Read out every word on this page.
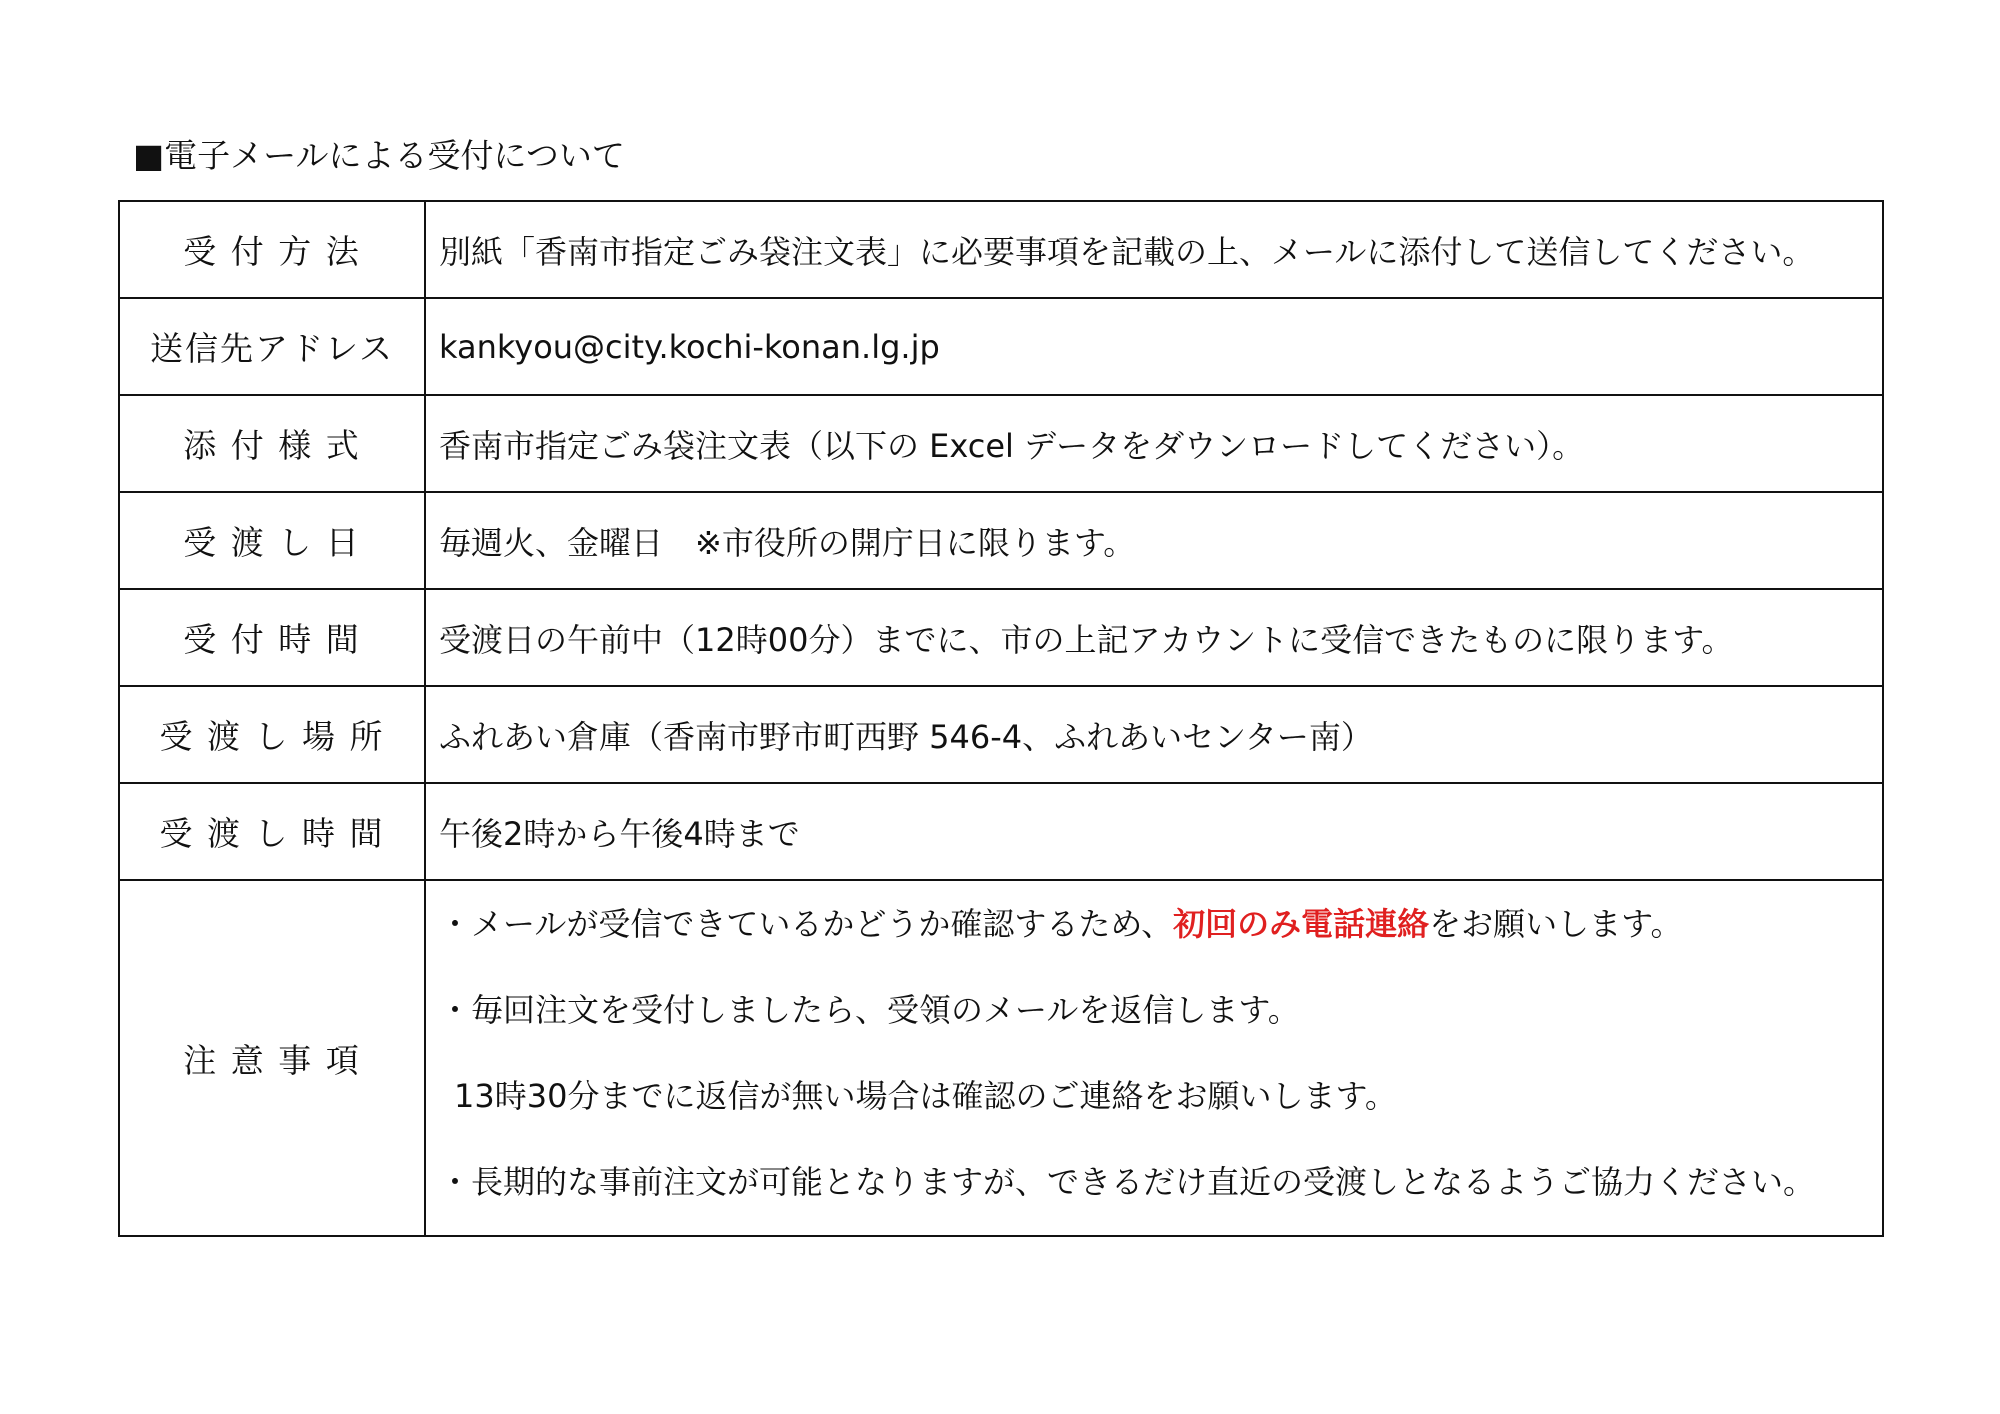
■電子メールによる受付について
受 付 方 法	別紙「香南市指定ごみ袋注文表」に必要事項を記載の上、メールに添付して送信してください。
送信先アドレス	kankyou@city.kochi-konan.lg.jp
添 付 様 式	香南市指定ごみ袋注文表（以下の Excel データをダウンロードしてください）。
受 渡 し 日	毎週火、金曜日　※市役所の開庁日に限ります。
受 付 時 間	受渡日の午前中（12時00分）までに、市の上記アカウントに受信できたものに限ります。
受 渡 し 場 所	ふれあい倉庫（香南市野市町西野 546-4、ふれあいセンター南）
受 渡 し 時 間	午後2時から午後4時まで
注 意 事 項	・メールが受信できているかどうか確認するため、初回のみ電話連絡をお願いします。
・毎回注文を受付しましたら、受領のメールを返信します。
13時30分までに返信が無い場合は確認のご連絡をお願いします。
・長期的な事前注文が可能となりますが、できるだけ直近の受渡しとなるようご協力ください。
